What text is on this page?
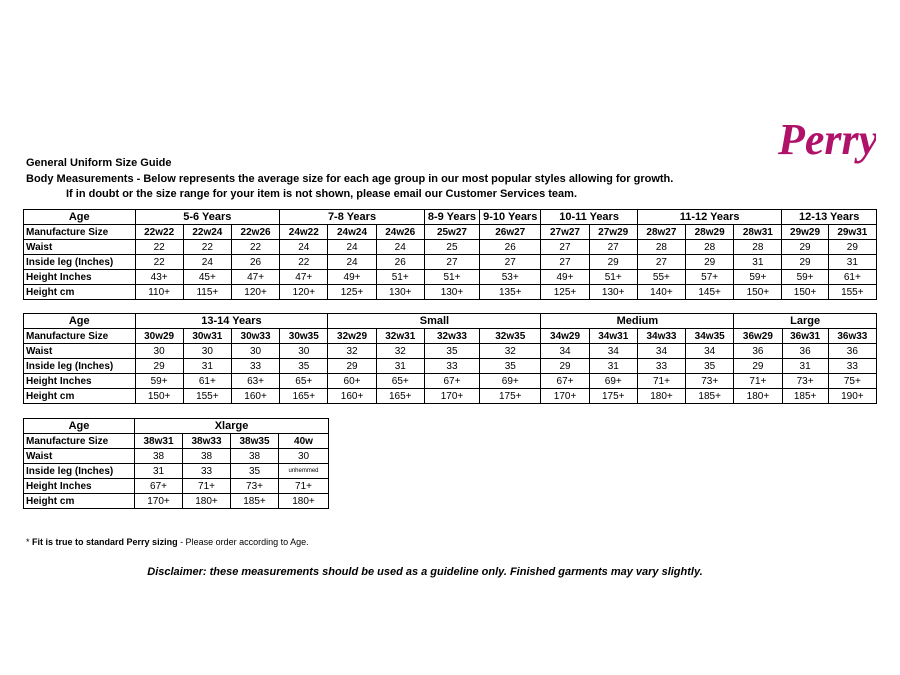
Perry
General Uniform Size Guide
Body Measurements - Below represents the average size for each age group in our most popular styles allowing for growth.
If in doubt or the size range for your item is not shown, please email our Customer Services team.
Age	5-6 Years			7-8 Years			8-9 Years	9-10 Years	10-11 Years		11-12 Years			12-13 Years	
Manufacture Size	22w22	22w24	22w26	24w22	24w24	24w26	25w27	26w27	27w27	27w29	28w27	28w29	28w31	29w29	29w31
Waist	22	22	22	24	24	24	25	26	27	27	28	28	28	29	29
Inside leg (Inches)	22	24	26	22	24	26	27	27	27	29	27	29	31	29	31
Height Inches	43+	45+	47+	47+	49+	51+	51+	53+	49+	51+	55+	57+	59+	59+	61+
Height cm	110+	115+	120+	120+	125+	130+	130+	135+	125+	130+	140+	145+	150+	150+	155+
Age	13-14 Years				Small				Medium				Large		
Manufacture Size	30w29	30w31	30w33	30w35	32w29	32w31	32w33	32w35	34w29	34w31	34w33	34w35	36w29	36w31	36w33
Waist	30	30	30	30	32	32	35	32	34	34	34	34	36	36	36
Inside leg (Inches)	29	31	33	35	29	31	33	35	29	31	33	35	29	31	33
Height Inches	59+	61+	63+	65+	60+	65+	67+	69+	67+	69+	71+	73+	71+	73+	75+
Height cm	150+	155+	160+	165+	160+	165+	170+	175+	170+	175+	180+	185+	180+	185+	190+
Age	Xlarge			
Manufacture Size	38w31	38w33	38w35	40w
Waist	38	38	38	30
Inside leg (Inches)	31	33	35	unhemmed
Height Inches	67+	71+	73+	71+
Height cm	170+	180+	185+	180+
* Fit is true to standard Perry sizing - Please order according to Age.
Disclaimer: these measurements should be used as a guideline only. Finished garments may vary slightly.
